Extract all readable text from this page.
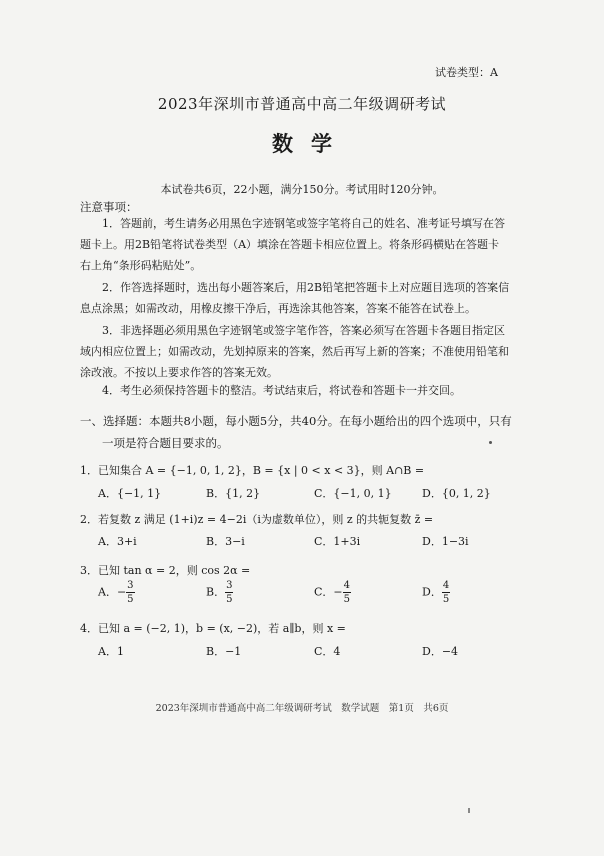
试卷类型：A
2023年深圳市普通高中高二年级调研考试
数学
本试卷共6页，22小题，满分150分。考试用时120分钟。
注意事项：
1．答题前，考生请务必用黑色字迹钢笔或签字笔将自己的姓名、准考证号填写在答
题卡上。用2B铅笔将试卷类型（A）填涂在答题卡相应位置上。将条形码横贴在答题卡
右上角“条形码粘贴处”。
2．作答选择题时，选出每小题答案后，用2B铅笔把答题卡上对应题目选项的答案信
息点涂黑；如需改动，用橡皮擦干净后，再选涂其他答案，答案不能答在试卷上。
3．非选择题必须用黑色字迹钢笔或签字笔作答，答案必须写在答题卡各题目指定区
域内相应位置上；如需改动，先划掉原来的答案，然后再写上新的答案；不准使用铅笔和
涂改液。不按以上要求作答的答案无效。
4．考生必须保持答题卡的整洁。考试结束后，将试卷和答题卡一并交回。
一、选择题：本题共8小题，每小题5分，共40分。在每小题给出的四个选项中，只有
一项是符合题目要求的。
1．已知集合 A = {−1, 0, 1, 2}，B = {x | 0 < x < 3}，则 A∩B =
A．{−1, 1}	B．{1, 2}	C．{−1, 0, 1}	D．{0, 1, 2}
2．若复数 z 满足 (1+i)z = 4−2i（i为虚数单位），则 z 的共轭复数 z̄ =
A．3+i	B．3−i	C．1+3i	D．1−3i
3．已知 tan α = 2，则 cos 2α =
A．− $\frac{3}{5}$	B． $\frac{3}{5}$	C．− $\frac{4}{5}$	D． $\frac{4}{5}$
4．已知 a = (−2, 1)，b = (x, −2)，若 a∥b，则 x =
A．1	B．−1	C．4	D．−4
2023年深圳市普通高中高二年级调研考试　数学试题　第1页　共6页
